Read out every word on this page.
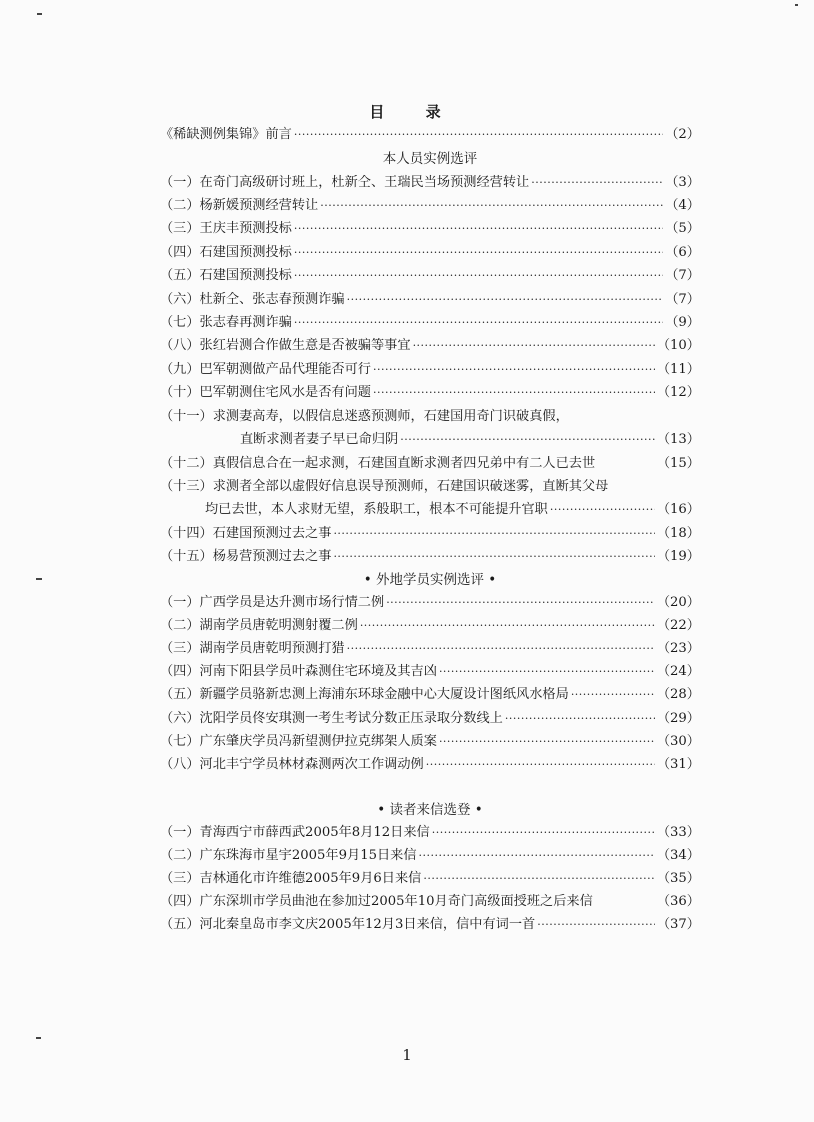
目 录
《稀缺测例集锦》前言 ·····	（2）
本人员实例选评
（一）在奇门高级研讨班上，杜新仝、王瑞民当场预测经营转让 ·····	（3）
（二）杨新媛预测经营转让 ·····	（4）
（三）王庆丰预测投标 ·····	（5）
（四）石建国预测投标 ·····	（6）
（五）石建国预测投标 ·····	（7）
（六）杜新仝、张志春预测诈骗 ·····	（7）
（七）张志春再测诈骗 ·····	（9）
（八）张红岩测合作做生意是否被骗等事宜 ·····	（10）
（九）巴军朝测做产品代理能否可行 ·····	（11）
（十）巴军朝测住宅风水是否有问题 ·····	（12）
（十一）求测妻高寿，以假信息迷惑预测师，石建国用奇门识破真假，
直断求测者妻子早已命归阴 ·····	（13）
（十二）真假信息合在一起求测，石建国直断求测者四兄弟中有二人已去世	（15）
（十三）求测者全部以虚假好信息误导预测师，石建国识破迷雾，直断其父母
均已去世，本人求财无望，系般职工，根本不可能提升官职 ·····	（16）
（十四）石建国预测过去之事 ·····	（18）
（十五）杨易营预测过去之事 ·····	（19）
• 外地学员实例选评 •
（一）广西学员是达升测市场行情二例 ·····	（20）
（二）湖南学员唐乾明测射覆二例 ·····	（22）
（三）湖南学员唐乾明预测打猎 ·····	（23）
（四）河南下阳县学员叶森测住宅环境及其吉凶 ·····	（24）
（五）新疆学员骆新忠测上海浦东环球金融中心大厦设计图纸风水格局 ·····	（28）
（六）沈阳学员佟安琪测一考生考试分数正压录取分数线上 ·····	（29）
（七）广东肇庆学员冯新望测伊拉克绑架人质案 ·····	（30）
（八）河北丰宁学员林材森测两次工作调动例 ·····	（31）
• 读者来信选登 •
（一）青海西宁市薛西武2005年8月12日来信 ·····	（33）
（二）广东珠海市星宇2005年9月15日来信 ·····	（34）
（三）吉林通化市许维德2005年9月6日来信 ·····	（35）
（四）广东深圳市学员曲池在参加过2005年10月奇门高级面授班之后来信	（36）
（五）河北秦皇岛市李文庆2005年12月3日来信，信中有词一首 ·····	（37）
1
